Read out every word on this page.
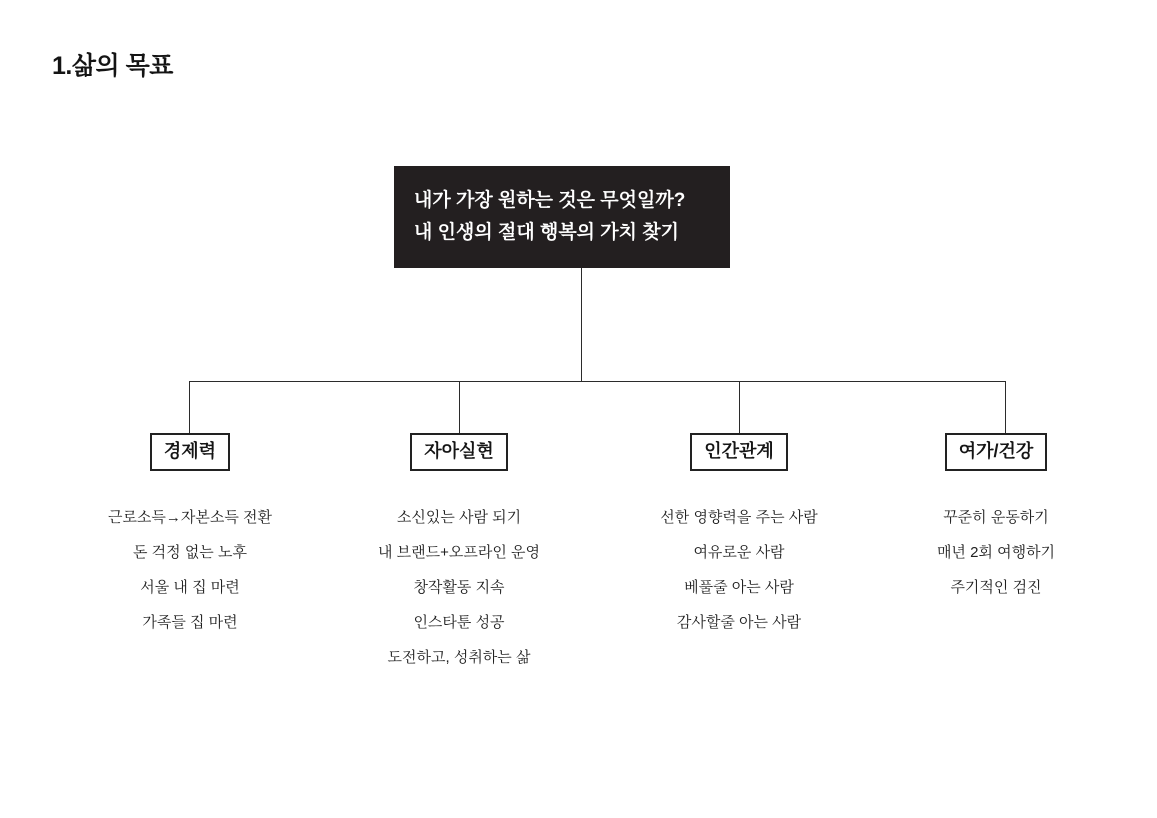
1.삶의 목표
내가 가장 원하는 것은 무엇일까?
내 인생의 절대 행복의 가치 찾기
경제력
근로소득→자본소득 전환
돈 걱정 없는 노후
서울 내 집 마련
가족들 집 마련
자아실현
소신있는 사람 되기
내 브랜드+오프라인 운영
창작활동 지속
인스타툰 성공
도전하고, 성취하는 삶
인간관계
선한 영향력을 주는 사람
여유로운 사람
베풀줄 아는 사람
감사할줄 아는 사람
여가/건강
꾸준히 운동하기
매년 2회 여행하기
주기적인 검진
